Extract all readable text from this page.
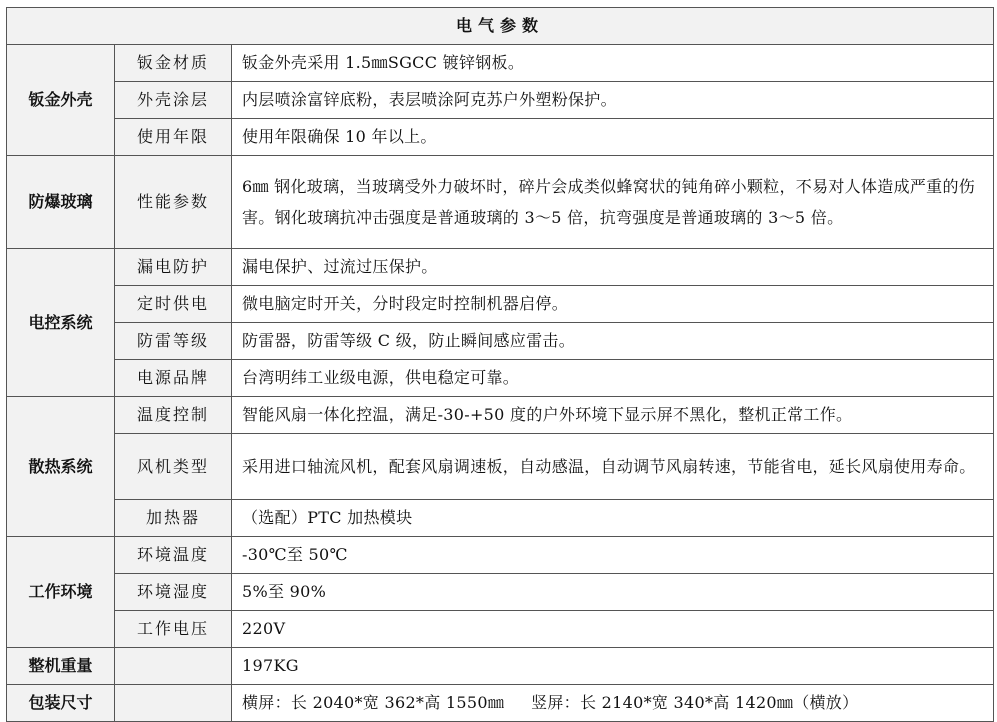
电气参数		
钣金外壳	钣金材质	钣金外壳采用 1.5㎜SGCC 镀锌钢板。
	外壳涂层	内层喷涂富锌底粉，表层喷涂阿克苏户外塑粉保护。
	使用年限	使用年限确保 10 年以上。
防爆玻璃	性能参数	6㎜ 钢化玻璃，当玻璃受外力破坏时，碎片会成类似蜂窝状的钝角碎小颗粒，不易对人体造成严重的伤害。钢化玻璃抗冲击强度是普通玻璃的 3～5 倍，抗弯强度是普通玻璃的 3～5 倍。
电控系统	漏电防护	漏电保护、过流过压保护。
	定时供电	微电脑定时开关，分时段定时控制机器启停。
	防雷等级	防雷器，防雷等级 C 级，防止瞬间感应雷击。
	电源品牌	台湾明纬工业级电源，供电稳定可靠。
散热系统	温度控制	智能风扇一体化控温，满足-30-+50 度的户外环境下显示屏不黑化，整机正常工作。
	风机类型	采用进口轴流风机，配套风扇调速板，自动感温，自动调节风扇转速，节能省电，延长风扇使用寿命。
	加热器	（选配）PTC 加热模块
工作环境	环境温度	-30℃至 50℃
	环境湿度	5%至 90%
	工作电压	220V
整机重量		197KG
包装尺寸		横屏：长 2040*宽 362*高 1550㎜     竖屏：长 2140*宽 340*高 1420㎜（横放）
